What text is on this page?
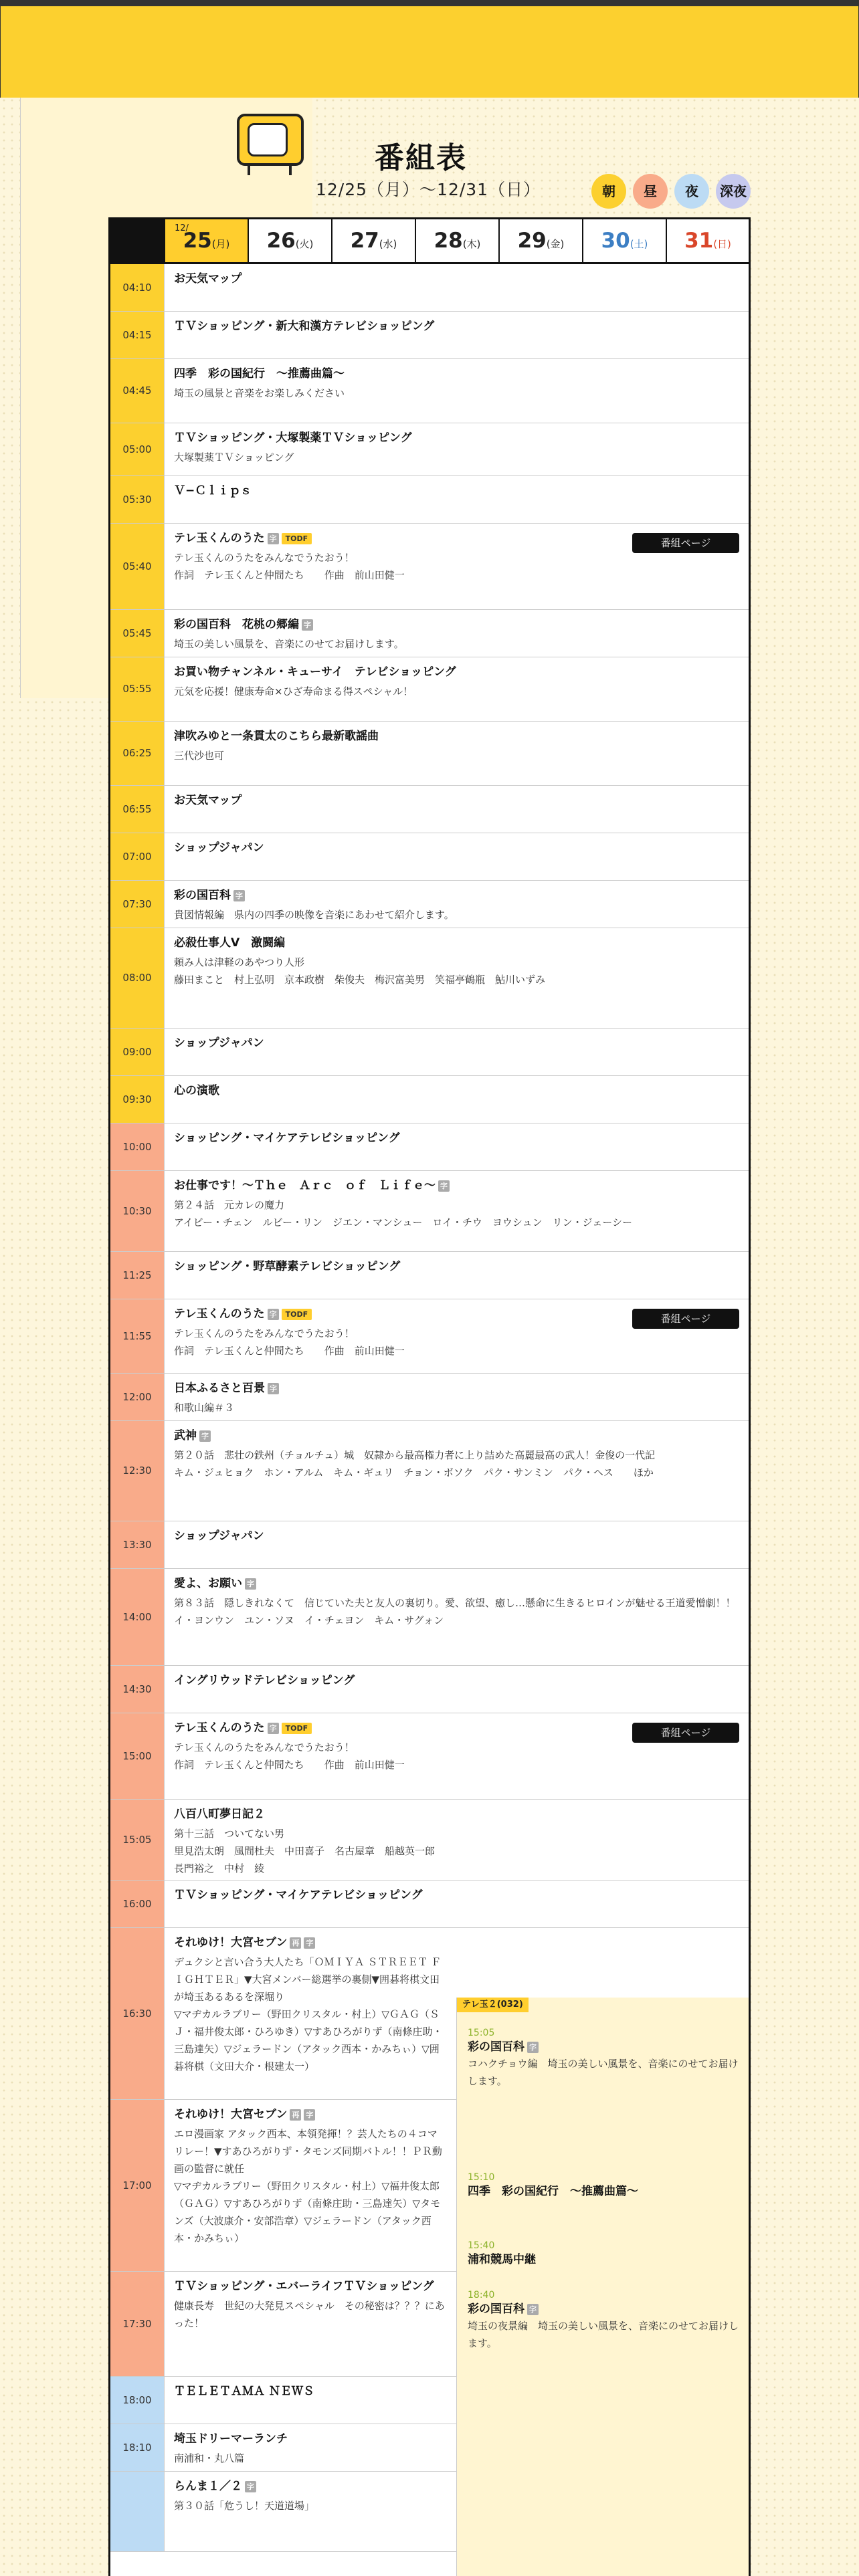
番組表
12/25（月）〜12/31（日）	朝	昼	夜	深夜
12/
25(月)	26(火)	27(水)	28(木)	29(金)	30(土)	31(日)
04:10
お天気マップ
04:15
ＴＶショッピング・新大和漢方テレビショッピング
04:45
四季　彩の国紀行　〜推薦曲篇〜
埼玉の風景と音楽をお楽しみください
05:00
ＴＶショッピング・大塚製薬ＴＶショッピング
大塚製薬ＴＶショッピング
05:30
Ｖ−Ｃｌｉｐｓ
05:40
テレ玉くんのうた 字 TODF
テレ玉くんのうたをみんなでうたおう！
作詞　テレ玉くんと仲間たち　　作曲　前山田健一
番組ページ
05:45
彩の国百科　花桃の郷編 字
埼玉の美しい風景を、音楽にのせてお届けします。
05:55
お買い物チャンネル・キューサイ　テレビショッピング
元気を応援！健康寿命×ひざ寿命まる得スペシャル！
06:25
津吹みゆと一条貫太のこちら最新歌謡曲
三代沙也可
06:55
お天気マップ
07:00
ショップジャパン
07:30
彩の国百科 字
貴図情報編　県内の四季の映像を音楽にあわせて紹介します。
08:00
必殺仕事人Ⅴ　激闘編
頼み人は津軽のあやつり人形
藤田まこと　村上弘明　京本政樹　柴俊夫　梅沢富美男　笑福亭鶴瓶　鮎川いずみ
09:00
ショップジャパン
09:30
心の演歌
10:00
ショッピング・マイケアテレビショッピング
10:30
お仕事です！〜Ｔｈｅ　Ａｒｃ　ｏｆ　Ｌｉｆｅ〜 字
第２４話　元カレの魔力
アイビー・チェン　ルビー・リン　ジエン・マンシュー　ロイ・チウ　ヨウシュン　リン・ジェーシー
11:25
ショッピング・野草酵素テレビショッピング
11:55
テレ玉くんのうた 字 TODF
テレ玉くんのうたをみんなでうたおう！
作詞　テレ玉くんと仲間たち　　作曲　前山田健一
番組ページ
12:00
日本ふるさと百景 字
和歌山編＃３
12:30
武神 字
第２０話　悲壮の鉄州（チョルチュ）城　奴隷から最高権力者に上り詰めた高麗最高の武人！金俊の一代記
キム・ジュヒョク　ホン・アルム　キム・ギュリ　チョン・ボソク　パク・サンミン　パク・ヘス　　ほか
13:30
ショップジャパン
14:00
愛よ、お願い 字
第８３話　隠しきれなくて　信じていた夫と友人の裏切り。愛、欲望、癒し…懸命に生きるヒロインが魅せる王道愛憎劇！！
イ・ヨンウン　ユン・ソヌ　イ・チェヨン　キム・サグォン
14:30
イングリウッドテレビショッピング
15:00
テレ玉くんのうた 字 TODF
テレ玉くんのうたをみんなでうたおう！
作詞　テレ玉くんと仲間たち　　作曲　前山田健一
番組ページ
15:05
八百八町夢日記２
第十三話　ついてない男
里見浩太朗　風間杜夫　中田喜子　名古屋章　船越英一郎　長門裕之　中村　綾
16:00
ＴＶショッピング・マイケアテレビショッピング
16:30
それゆけ！大宮セブン 再 字
デュクシと言い合う大人たち「ＯＭＩＹＡ ＳＴＲＥＥＴ ＦＩＧＨＴＥＲ」▼大宮メンバー総選挙の裏側▼囲碁将棋文田が埼玉あるあるを深堀り
▽マヂカルラブリー（野田クリスタル・村上）▽ＧＡＧ（ＳＪ・福井俊太郎・ひろゆき）▽すあひろがりず（南條庄助・三島達矢）▽ジェラードン（アタック西本・かみちぃ）▽囲碁将棋（文田大介・根建太一）
17:00
それゆけ！大宮セブン 再 字
エロ漫画家 アタック西本、本領発揮！？芸人たちの４コマリレー！▼すあひろがりず・タモンズ同期バトル！！ＰＲ動画の監督に就任
▽マヂカルラブリー（野田クリスタル・村上）▽福井俊太郎（ＧＡＧ）▽すあひろがりず（南條庄助・三島達矢）▽タモンズ（大波康介・安部浩章）▽ジェラードン（アタック西本・かみちぃ）
17:30
ＴＶショッピング・エバーライフＴＶショッピング
健康長寿　世紀の大発見スペシャル　その秘密は？？？にあった！
18:00
ＴＥＬＥＴＡＭＡ ＮＥＷＳ
18:10
埼玉ドリーマーランチ
南浦和・丸八篇
らんま１／２ 字
第３０話「危うし！天道道場」
テレ玉２(032)
15:05
彩の国百科 字
コハクチョウ編　埼玉の美しい風景を、音楽にのせてお届けします。
15:10
四季　彩の国紀行　〜推薦曲篇〜
15:40
浦和競馬中継
18:40
彩の国百科 字
埼玉の夜景編　埼玉の美しい風景を、音楽にのせてお届けします。
